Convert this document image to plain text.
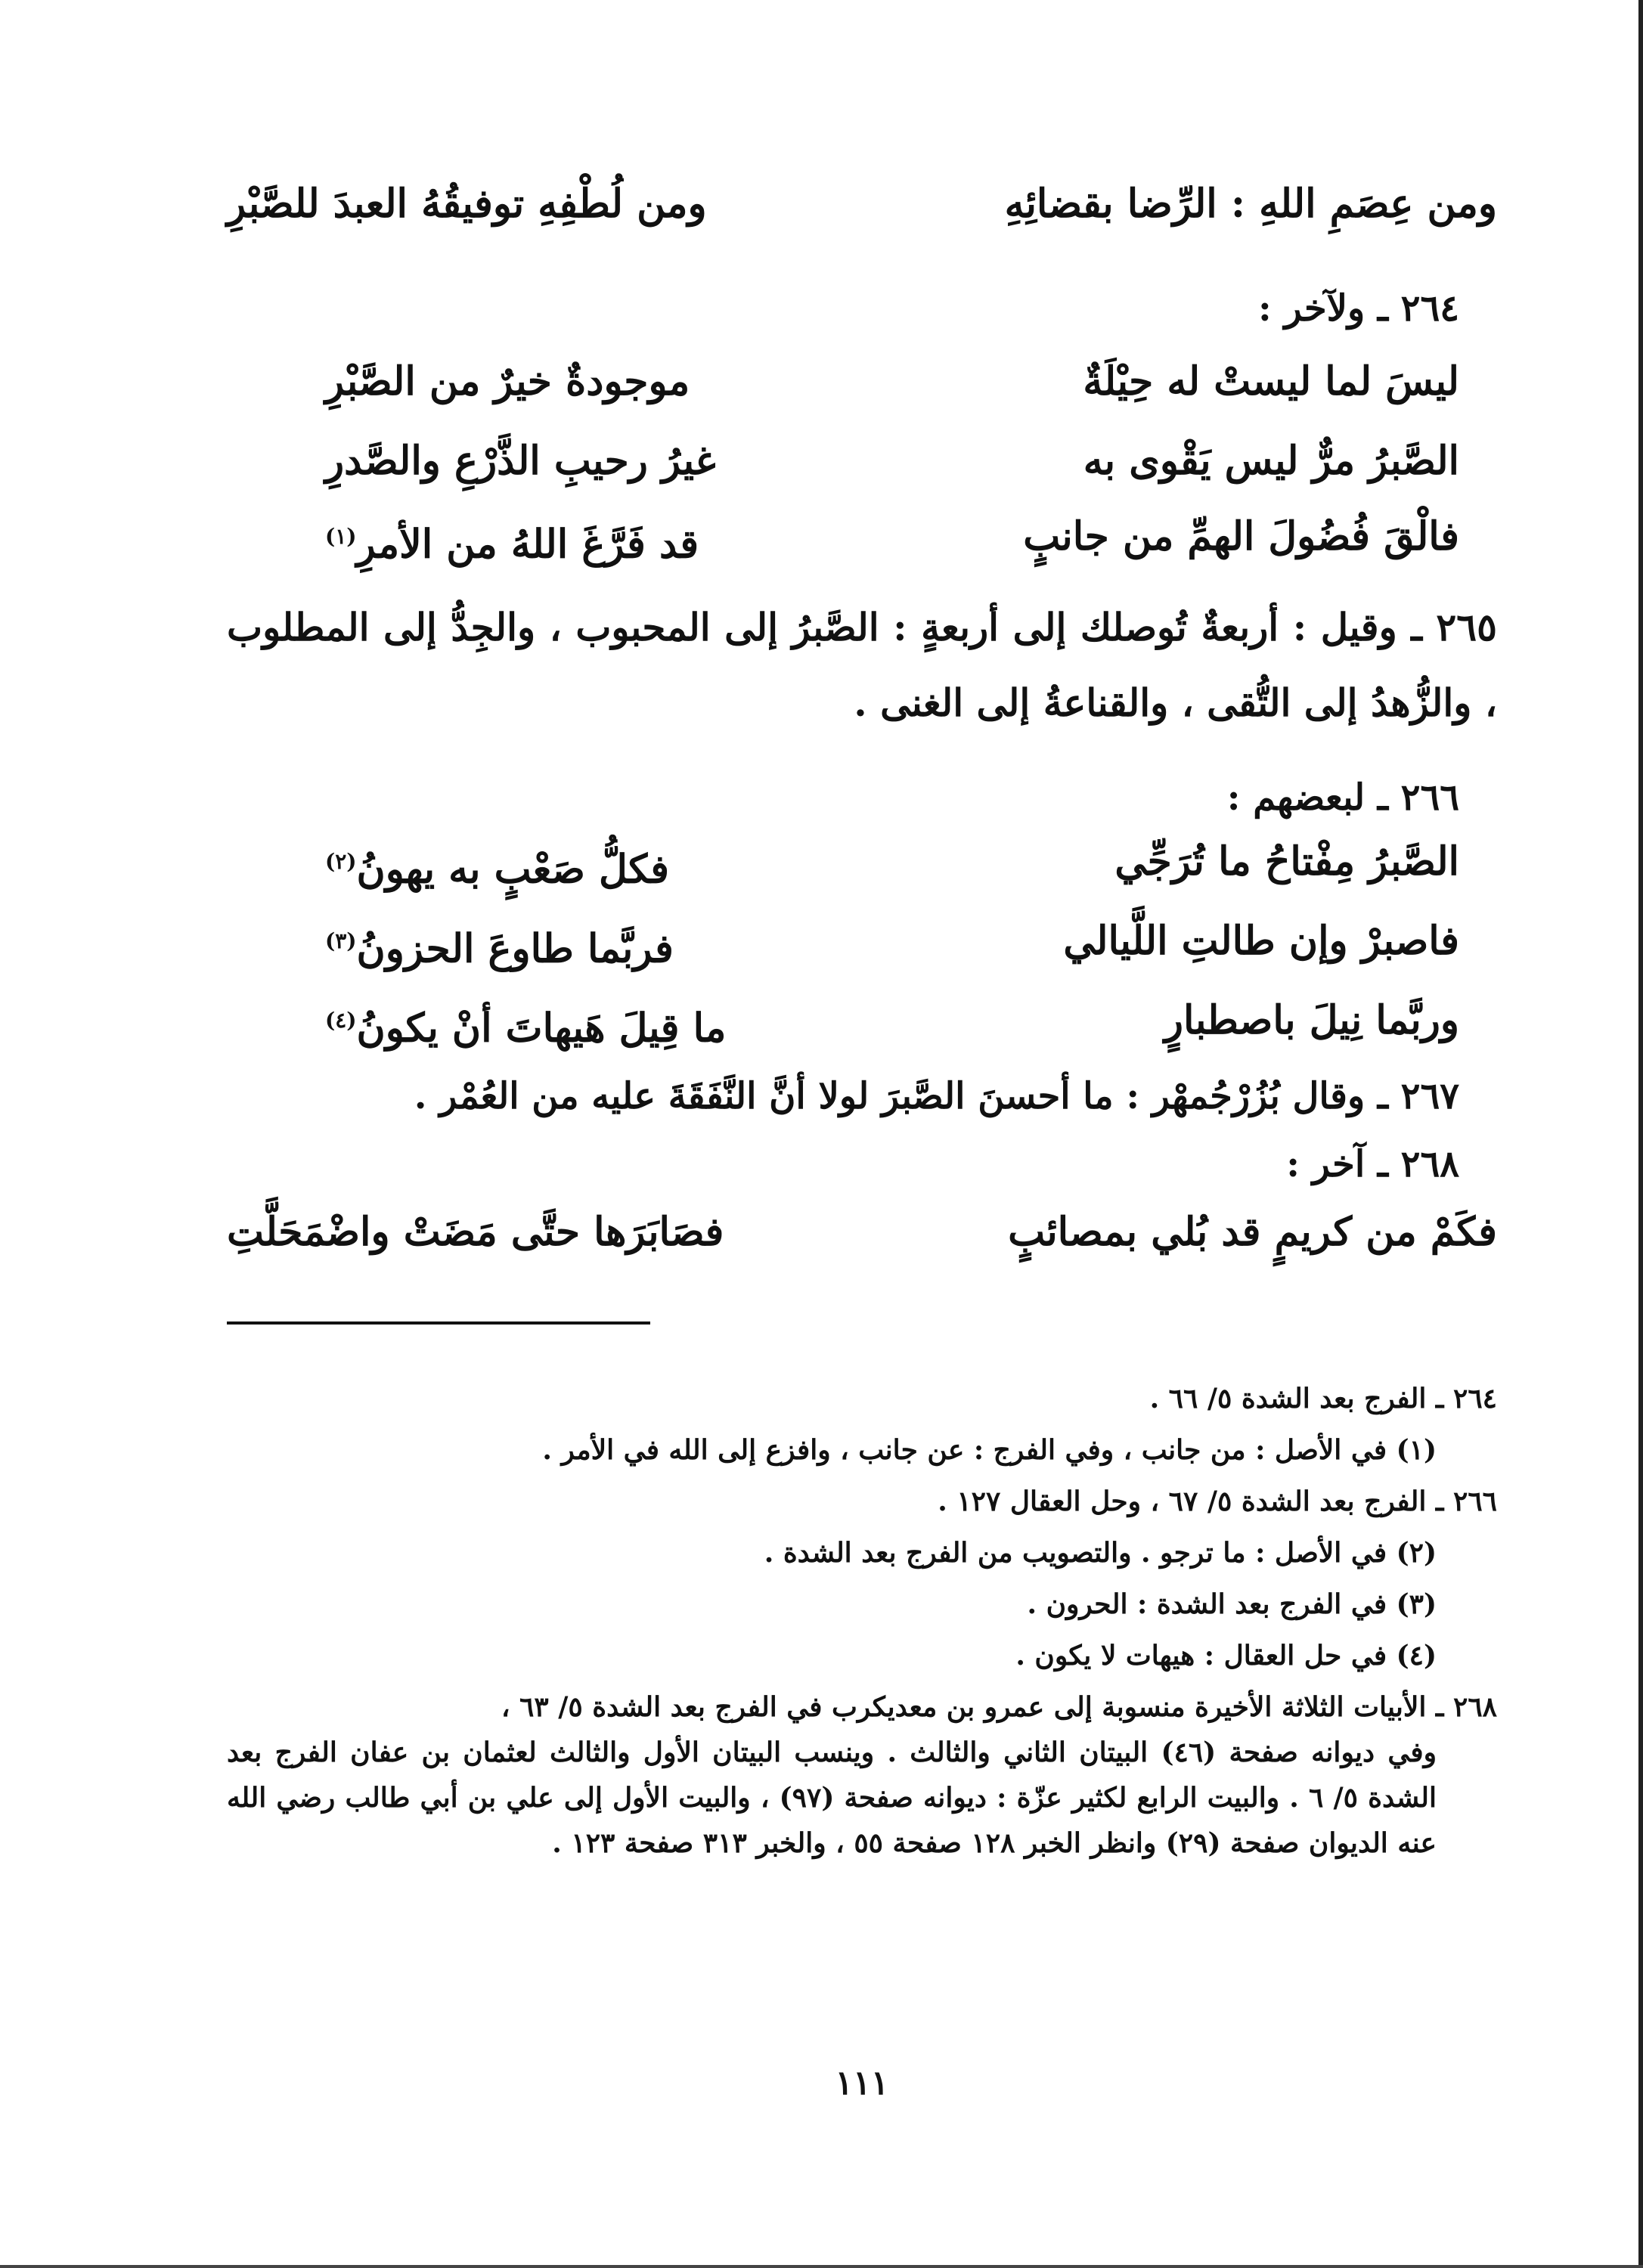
ومن عِصَمِ اللهِ : الرِّضا بقضائِهِ
ومن لُطْفِهِ توفيقُهُ العبدَ للصَّبْرِ
٢٦٤ ـ ولآخر :
ليسَ لما ليستْ له حِيْلَةٌ
موجودةٌ خيرٌ من الصَّبْرِ
الصَّبرُ مرٌّ ليس يَقْوى به
غيرُ رحيبِ الذَّرْعِ والصَّدرِ
فالْقَ فُضُولَ الهمِّ من جانبٍ
قد فَرَّغَ اللهُ من الأمرِ$^{(١)}$
٢٦٥ ـ وقيل : أربعةٌ تُوصلك إلى أربعةٍ : الصَّبرُ إلى المحبوب ، والجِدُّ إلى المطلوب ، والزُّهدُ إلى التُّقى ، والقناعةُ إلى الغنى .
٢٦٦ ـ لبعضهم :
الصَّبرُ مِفْتاحُ ما تُرَجِّي
فكلُّ صَعْبٍ به يهونُ$^{(٢)}$
فاصبرْ وإن طالتِ اللَّيالي
فربَّما طاوعَ الحزونُ$^{(٣)}$
وربَّما نِيلَ باصطبارٍ
ما قِيلَ هَيهاتَ أنْ يكونُ$^{(٤)}$
٢٦٧ ـ وقال بُزُرْجُمهْر : ما أحسنَ الصَّبرَ لولا أنَّ النَّفَقَةَ عليه من العُمْر .
٢٦٨ ـ آخر :
فكَمْ من كريمٍ قد بُلي بمصائبٍ
فصَابَرَها حتَّى مَضَتْ واضْمَحَلَّتِ
٢٦٤ ـ الفرج بعد الشدة ٥/ ٦٦ .
(١) في الأصل : من جانب ، وفي الفرج : عن جانب ، وافزع إلى الله في الأمر .
٢٦٦ ـ الفرج بعد الشدة ٥/ ٦٧ ، وحل العقال ١٢٧ .
(٢) في الأصل : ما ترجو . والتصويب من الفرج بعد الشدة .
(٣) في الفرج بعد الشدة : الحرون .
(٤) في حل العقال : هيهات لا يكون .
٢٦٨ ـ الأبيات الثلاثة الأخيرة منسوبة إلى عمرو بن معديكرب في الفرج بعد الشدة ٥/ ٦٣ ،
وفي ديوانه صفحة (٤٦) البيتان الثاني والثالث . وينسب البيتان الأول والثالث لعثمان بن عفان الفرج بعد الشدة ٥/ ٦ . والبيت الرابع لكثير عزّة : ديوانه صفحة (٩٧) ، والبيت الأول إلى علي بن أبي طالب رضي الله عنه الديوان صفحة (٢٩) وانظر الخبر ١٢٨ صفحة ٥٥ ، والخبر ٣١٣ صفحة ١٢٣ .
١١١
